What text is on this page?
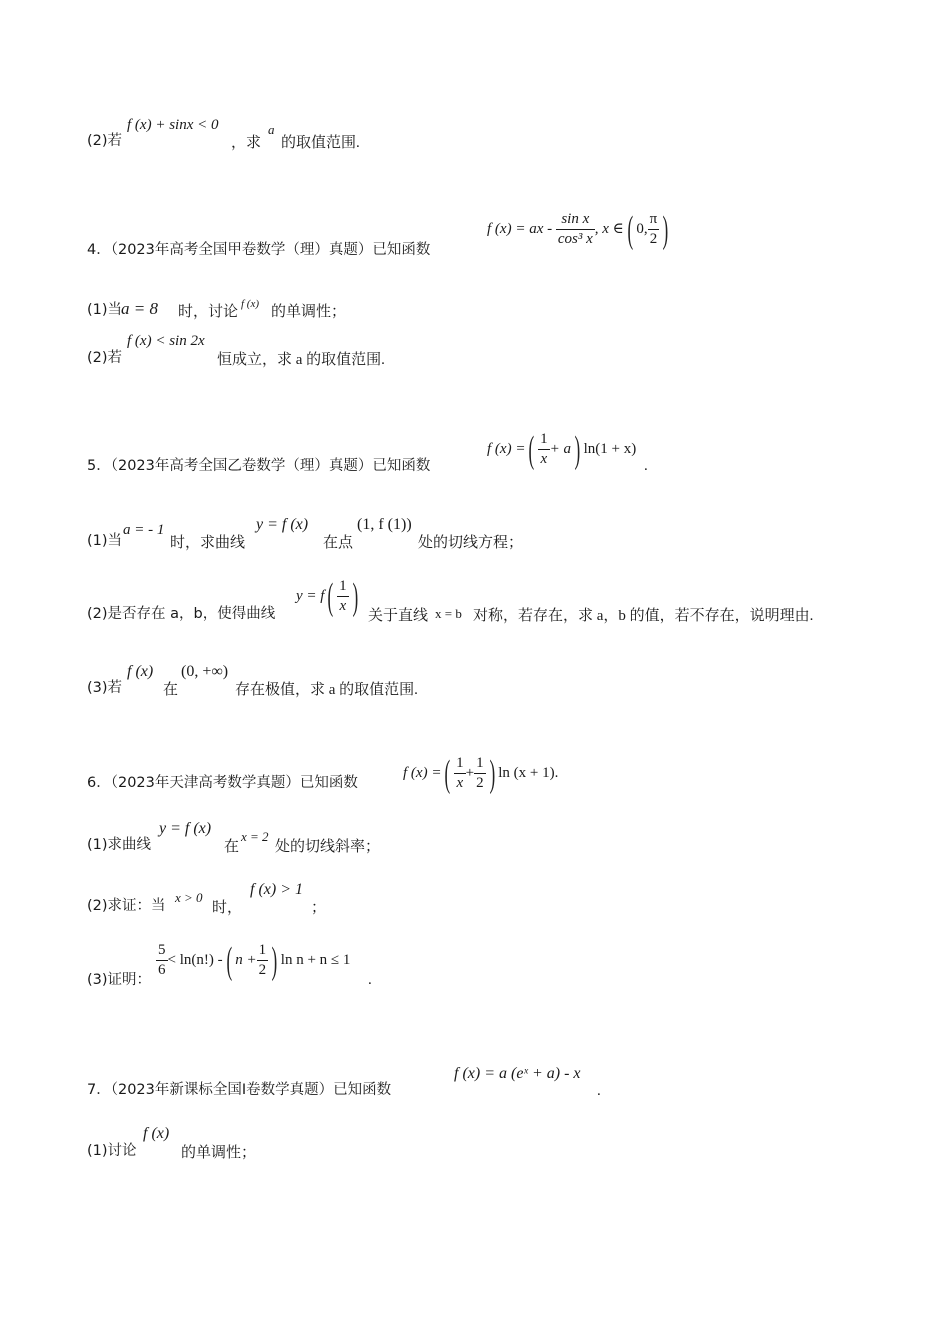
(2)若
f (x) + sinx < 0
，求
a
的取值范围.
4．（2023年高考全国甲卷数学（理）真题）已知函数
f (x) = ax - $\frac{\text{sin x}}{\text{cos³ x}}$ , x ∈( 0, $\frac{\pi}{2}$ )
(1)当
a = 8 时，讨论 f (x) 的单调性；
(2)若
f (x) < sin 2x
恒成立，求 a 的取值范围.
5．（2023年高考全国乙卷数学（理）真题）已知函数
f (x) =( $\frac{1}{x} + a$) ln(1 + x)
.
(1)当
a = - 1
时，求曲线
y = f (x)
在点
(1, f (1))
处的切线方程；
(2)是否存在 a，b，使得曲线
$y = f( \frac{1}{x}$ ) 关于直线 x = b 对称，若存在，求 a，b 的值，若不存在，说明理由.
(3)若
f (x)
在
(0, +∞)
存在极值，求 a 的取值范围.
6．（2023年天津高考数学真题）已知函数
f (x) =( $\frac{1}{x} + \frac{1}{2}$ ) ln (x + 1).
(1)求曲线
y = f (x)
在
x = 2
处的切线斜率；
(2)求证：当
x > 0
时，
f (x) > 1
；
(3)证明： $\frac{5}{6} < \ln(n!)$ -( $n + \frac{1}{2}$ ) ln n + n ≤ 1
.
7．（2023年新课标全国Ⅰ卷数学真题）已知函数
f (x) = a (eˣ + a) - x
.
(1)讨论
f (x)
的单调性；
